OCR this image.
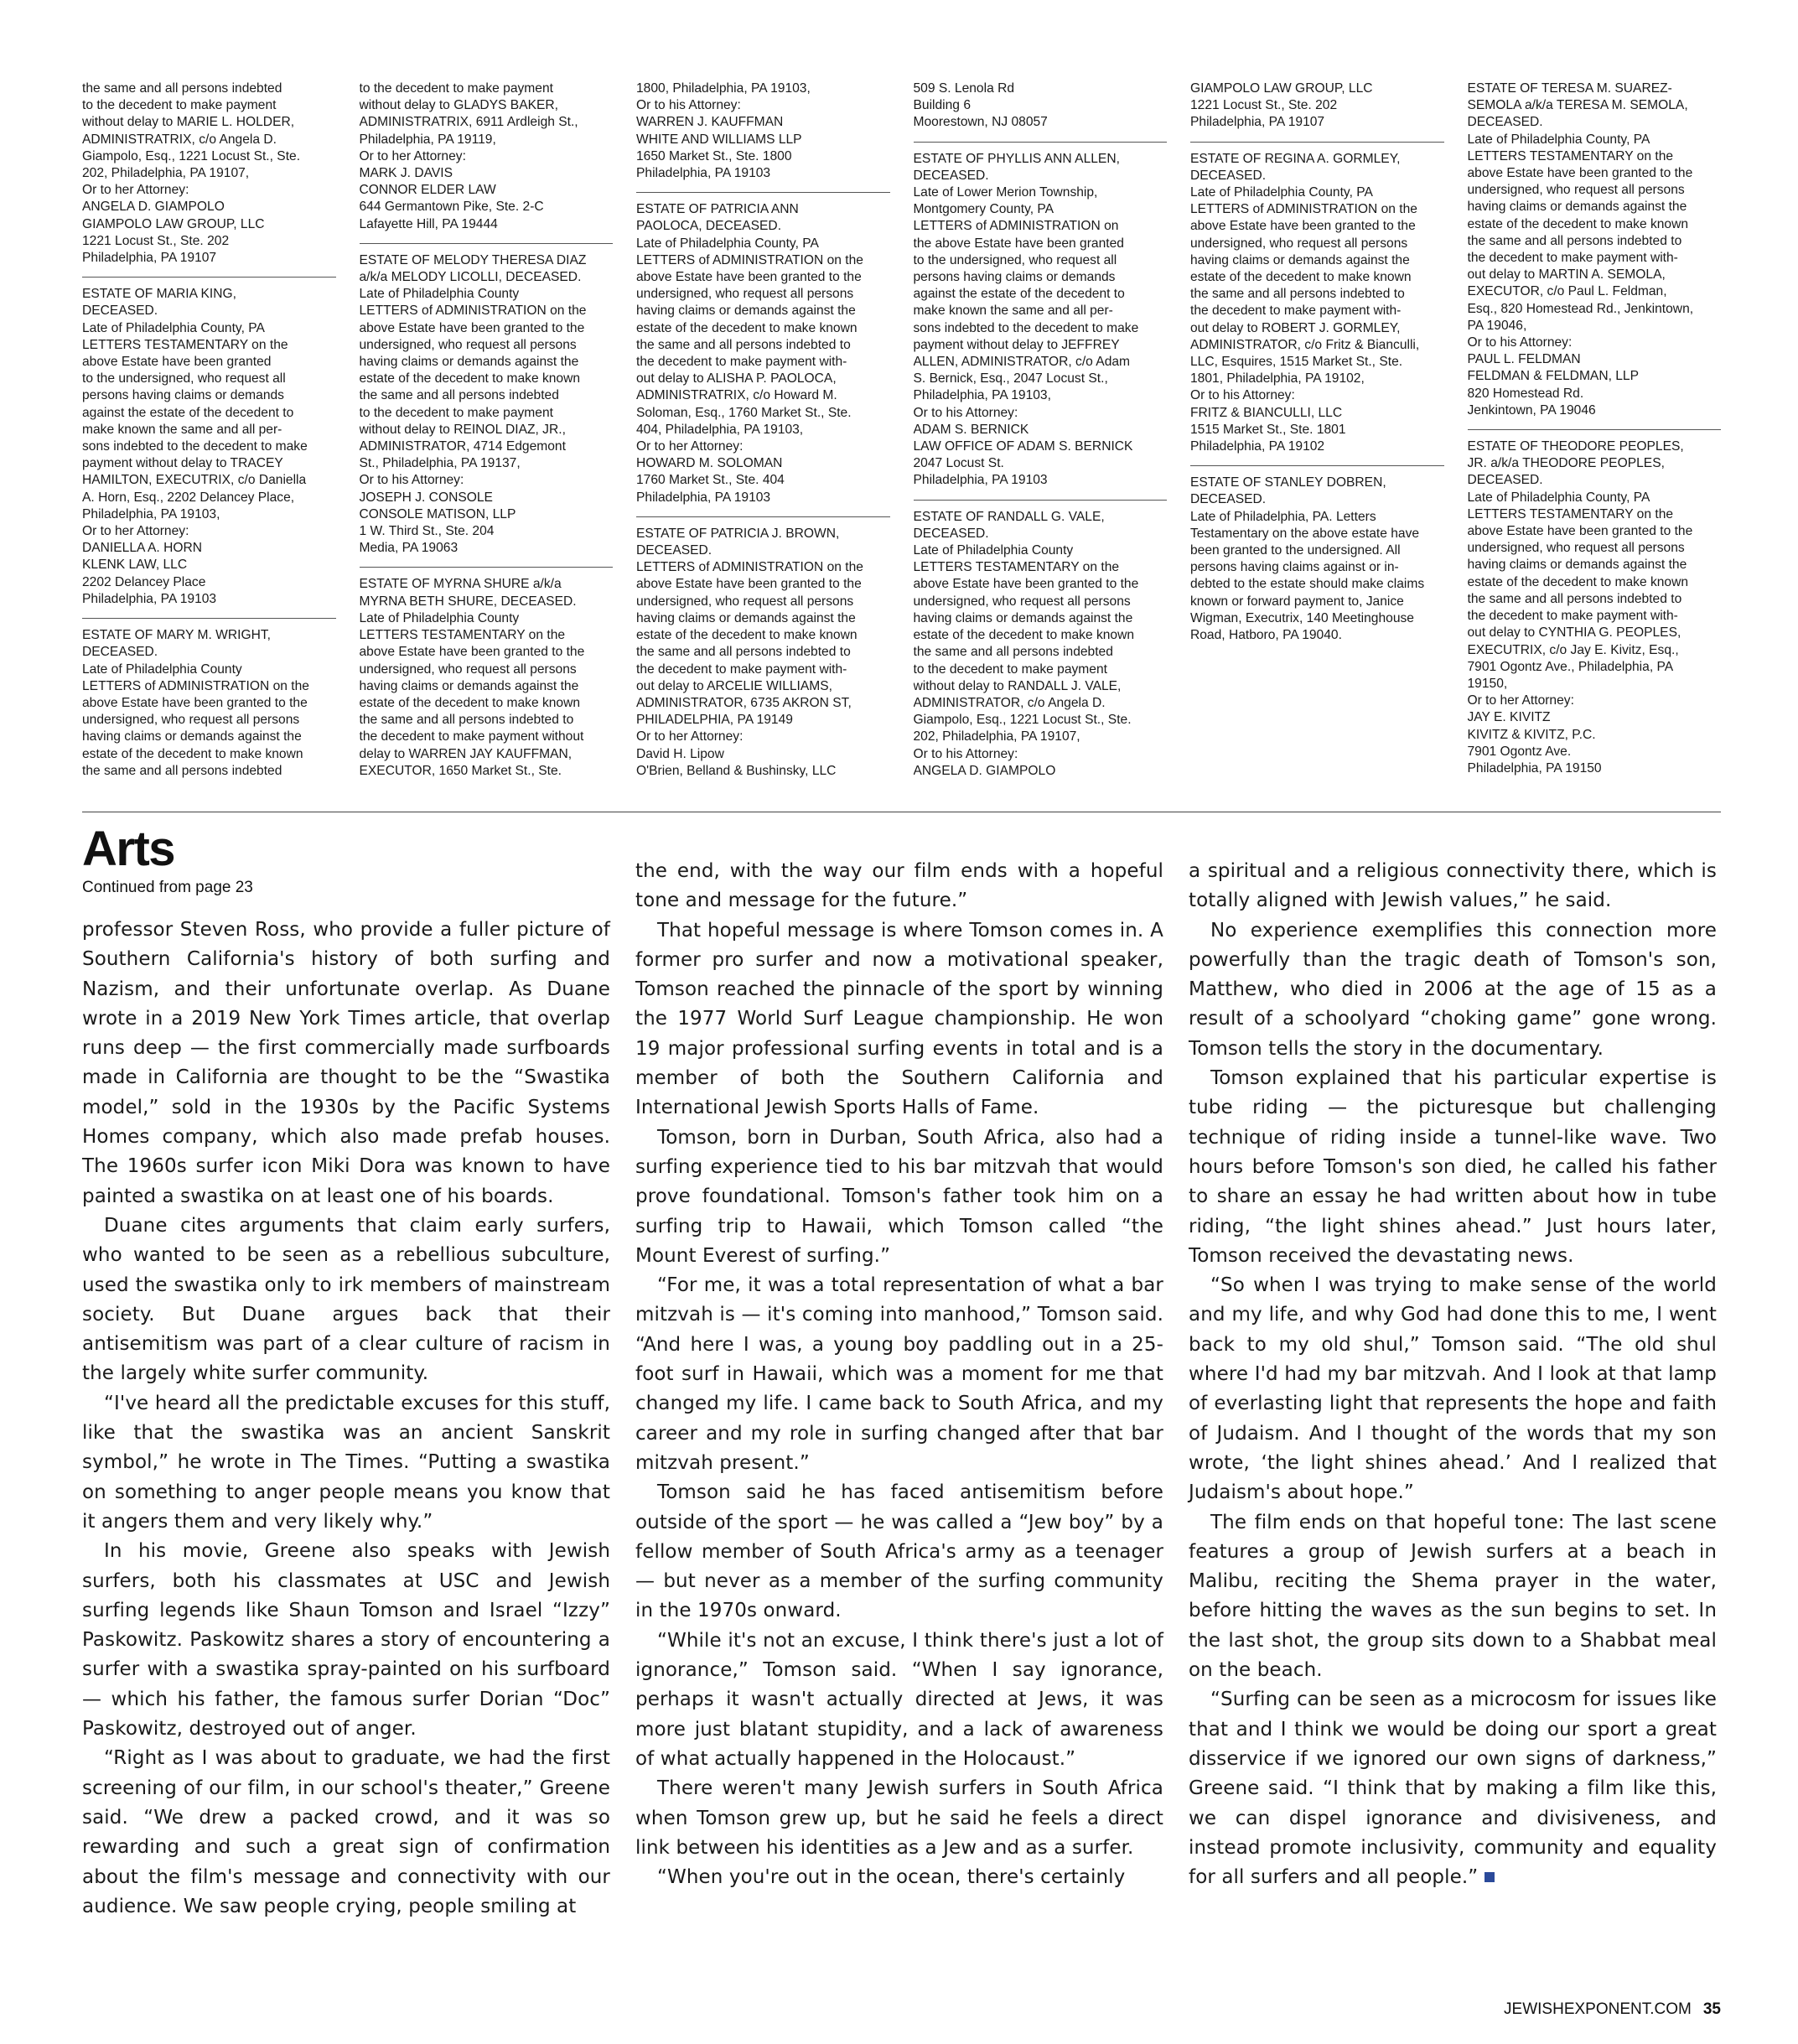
the same and all persons indebted
to the decedent to make payment
without delay to MARIE L. HOLDER,
ADMINISTRATRIX, c/o Angela D.
Giampolo, Esq., 1221 Locust St., Ste.
202, Philadelphia, PA 19107,
Or to her Attorney:
ANGELA D. GIAMPOLO
GIAMPOLO LAW GROUP, LLC
1221 Locust St., Ste. 202
Philadelphia, PA 19107
ESTATE OF MARIA KING,
DECEASED.
Late of Philadelphia County, PA
LETTERS TESTAMENTARY on the
above Estate have been granted
to the undersigned, who request all
persons having claims or demands
against the estate of the decedent to
make known the same and all per-
sons indebted to the decedent to make
payment without delay to TRACEY
HAMILTON, EXECUTRIX, c/o Daniella
A. Horn, Esq., 2202 Delancey Place,
Philadelphia, PA 19103,
Or to her Attorney:
DANIELLA A. HORN
KLENK LAW, LLC
2202 Delancey Place
Philadelphia, PA 19103
ESTATE OF MARY M. WRIGHT,
DECEASED.
Late of Philadelphia County
LETTERS of ADMINISTRATION on the
above Estate have been granted to the
undersigned, who request all persons
having claims or demands against the
estate of the decedent to make known
the same and all persons indebted
to the decedent to make payment
without delay to GLADYS BAKER,
ADMINISTRATRIX, 6911 Ardleigh St.,
Philadelphia, PA 19119,
Or to her Attorney:
MARK J. DAVIS
CONNOR ELDER LAW
644 Germantown Pike, Ste. 2-C
Lafayette Hill, PA 19444
ESTATE OF MELODY THERESA DIAZ
a/k/a MELODY LICOLLI, DECEASED.
Late of Philadelphia County
LETTERS of ADMINISTRATION on the
above Estate have been granted to the
undersigned, who request all persons
having claims or demands against the
estate of the decedent to make known
the same and all persons indebted
to the decedent to make payment
without delay to REINOL DIAZ, JR.,
ADMINISTRATOR, 4714 Edgemont
St., Philadelphia, PA 19137,
Or to his Attorney:
JOSEPH J. CONSOLE
CONSOLE MATISON, LLP
1 W. Third St., Ste. 204
Media, PA 19063
ESTATE OF MYRNA SHURE a/k/a
MYRNA BETH SHURE, DECEASED.
Late of Philadelphia County
LETTERS TESTAMENTARY on the
above Estate have been granted to the
undersigned, who request all persons
having claims or demands against the
estate of the decedent to make known
the same and all persons indebted to
the decedent to make payment without
delay to WARREN JAY KAUFFMAN,
EXECUTOR, 1650 Market St., Ste.
1800, Philadelphia, PA 19103,
Or to his Attorney:
WARREN J. KAUFFMAN
WHITE AND WILLIAMS LLP
1650 Market St., Ste. 1800
Philadelphia, PA 19103
ESTATE OF PATRICIA ANN
PAOLOCA, DECEASED.
Late of Philadelphia County, PA
LETTERS of ADMINISTRATION on the
above Estate have been granted to the
undersigned, who request all persons
having claims or demands against the
estate of the decedent to make known
the same and all persons indebted to
the decedent to make payment with-
out delay to ALISHA P. PAOLOCA,
ADMINISTRATRIX, c/o Howard M.
Soloman, Esq., 1760 Market St., Ste.
404, Philadelphia, PA 19103,
Or to her Attorney:
HOWARD M. SOLOMAN
1760 Market St., Ste. 404
Philadelphia, PA 19103
ESTATE OF PATRICIA J. BROWN,
DECEASED.
LETTERS of ADMINISTRATION on the
above Estate have been granted to the
undersigned, who request all persons
having claims or demands against the
estate of the decedent to make known
the same and all persons indebted to
the decedent to make payment with-
out delay to ARCELIE WILLIAMS,
ADMINISTRATOR, 6735 AKRON ST,
PHILADELPHIA, PA 19149
Or to her Attorney:
David H. Lipow
O'Brien, Belland & Bushinsky, LLC
509 S. Lenola Rd
Building 6
Moorestown, NJ 08057
ESTATE OF PHYLLIS ANN ALLEN,
DECEASED.
Late of Lower Merion Township,
Montgomery County, PA
LETTERS of ADMINISTRATION on
the above Estate have been granted
to the undersigned, who request all
persons having claims or demands
against the estate of the decedent to
make known the same and all per-
sons indebted to the decedent to make
payment without delay to JEFFREY
ALLEN, ADMINISTRATOR, c/o Adam
S. Bernick, Esq., 2047 Locust St.,
Philadelphia, PA 19103,
Or to his Attorney:
ADAM S. BERNICK
LAW OFFICE OF ADAM S. BERNICK
2047 Locust St.
Philadelphia, PA 19103
ESTATE OF RANDALL G. VALE,
DECEASED.
Late of Philadelphia County
LETTERS TESTAMENTARY on the
above Estate have been granted to the
undersigned, who request all persons
having claims or demands against the
estate of the decedent to make known
the same and all persons indebted
to the decedent to make payment
without delay to RANDALL J. VALE,
ADMINISTRATOR, c/o Angela D.
Giampolo, Esq., 1221 Locust St., Ste.
202, Philadelphia, PA 19107,
Or to his Attorney:
ANGELA D. GIAMPOLO
GIAMPOLO LAW GROUP, LLC
1221 Locust St., Ste. 202
Philadelphia, PA 19107
ESTATE OF REGINA A. GORMLEY,
DECEASED.
Late of Philadelphia County, PA
LETTERS of ADMINISTRATION on the
above Estate have been granted to the
undersigned, who request all persons
having claims or demands against the
estate of the decedent to make known
the same and all persons indebted to
the decedent to make payment with-
out delay to ROBERT J. GORMLEY,
ADMINISTRATOR, c/o Fritz & Bianculli,
LLC, Esquires, 1515 Market St., Ste.
1801, Philadelphia, PA 19102,
Or to his Attorney:
FRITZ & BIANCULLI, LLC
1515 Market St., Ste. 1801
Philadelphia, PA 19102
ESTATE OF STANLEY DOBREN,
DECEASED.
Late of Philadelphia, PA. Letters
Testamentary on the above estate have
been granted to the undersigned. All
persons having claims against or in-
debted to the estate should make claims
known or forward payment to, Janice
Wigman, Executrix, 140 Meetinghouse
Road, Hatboro, PA 19040.
ESTATE OF TERESA M. SUAREZ-
SEMOLA a/k/a TERESA M. SEMOLA,
DECEASED.
Late of Philadelphia County, PA
LETTERS TESTAMENTARY on the
above Estate have been granted to the
undersigned, who request all persons
having claims or demands against the
estate of the decedent to make known
the same and all persons indebted to
the decedent to make payment with-
out delay to MARTIN A. SEMOLA,
EXECUTOR, c/o Paul L. Feldman,
Esq., 820 Homestead Rd., Jenkintown,
PA 19046,
Or to his Attorney:
PAUL L. FELDMAN
FELDMAN & FELDMAN, LLP
820 Homestead Rd.
Jenkintown, PA 19046
ESTATE OF THEODORE PEOPLES,
JR. a/k/a THEODORE PEOPLES,
DECEASED.
Late of Philadelphia County, PA
LETTERS TESTAMENTARY on the
above Estate have been granted to the
undersigned, who request all persons
having claims or demands against the
estate of the decedent to make known
the same and all persons indebted to
the decedent to make payment with-
out delay to CYNTHIA G. PEOPLES,
EXECUTRIX, c/o Jay E. Kivitz, Esq.,
7901 Ogontz Ave., Philadelphia, PA
19150,
Or to her Attorney:
JAY E. KIVITZ
KIVITZ & KIVITZ, P.C.
7901 Ogontz Ave.
Philadelphia, PA 19150
Arts
Continued from page 23

professor Steven Ross, who provide a fuller picture of Southern California's history of both surfing and Nazism, and their unfortunate overlap. As Duane wrote in a 2019 New York Times article, that overlap runs deep — the first commercially made surfboards made in California are thought to be the “Swastika model,” sold in the 1930s by the Pacific Systems Homes company, which also made prefab houses. The 1960s surfer icon Miki Dora was known to have painted a swastika on at least one of his boards.

Duane cites arguments that claim early surfers, who wanted to be seen as a rebellious subculture, used the swastika only to irk members of mainstream society. But Duane argues back that their antisemitism was part of a clear culture of racism in the largely white surfer community.

“I've heard all the predictable excuses for this stuff, like that the swastika was an ancient Sanskrit symbol,” he wrote in The Times. “Putting a swastika on something to anger people means you know that it angers them and very likely why.”

In his movie, Greene also speaks with Jewish surfers, both his classmates at USC and Jewish surfing legends like Shaun Tomson and Israel “Izzy” Paskowitz. Paskowitz shares a story of encountering a surfer with a swastika spray-painted on his surfboard — which his father, the famous surfer Dorian “Doc” Paskowitz, destroyed out of anger.

“Right as I was about to graduate, we had the first screening of our film, in our school's theater,” Greene said. “We drew a packed crowd, and it was so rewarding and such a great sign of confirmation about the film's message and connectivity with our audience. We saw people crying, people smiling at

the end, with the way our film ends with a hopeful tone and message for the future.”

That hopeful message is where Tomson comes in. A former pro surfer and now a motivational speaker, Tomson reached the pinnacle of the sport by winning the 1977 World Surf League championship. He won 19 major professional surfing events in total and is a member of both the Southern California and International Jewish Sports Halls of Fame.

Tomson, born in Durban, South Africa, also had a surfing experience tied to his bar mitzvah that would prove foundational. Tomson's father took him on a surfing trip to Hawaii, which Tomson called “the Mount Everest of surfing.”

“For me, it was a total representation of what a bar mitzvah is — it's coming into manhood,” Tomson said. “And here I was, a young boy paddling out in a 25-foot surf in Hawaii, which was a moment for me that changed my life. I came back to South Africa, and my career and my role in surfing changed after that bar mitzvah present.”

Tomson said he has faced antisemitism before outside of the sport — he was called a “Jew boy” by a fellow member of South Africa's army as a teenager — but never as a member of the surfing community in the 1970s onward.

“While it's not an excuse, I think there's just a lot of ignorance,” Tomson said. “When I say ignorance, perhaps it wasn't actually directed at Jews, it was more just blatant stupidity, and a lack of awareness of what actually happened in the Holocaust.”

There weren't many Jewish surfers in South Africa when Tomson grew up, but he said he feels a direct link between his identities as a Jew and as a surfer.

“When you're out in the ocean, there's certainly

a spiritual and a religious connectivity there, which is totally aligned with Jewish values,” he said.

No experience exemplifies this connection more powerfully than the tragic death of Tomson's son, Matthew, who died in 2006 at the age of 15 as a result of a schoolyard “choking game” gone wrong. Tomson tells the story in the documentary.

Tomson explained that his particular expertise is tube riding — the picturesque but challenging technique of riding inside a tunnel-like wave. Two hours before Tomson's son died, he called his father to share an essay he had written about how in tube riding, “the light shines ahead.” Just hours later, Tomson received the devastating news.

“So when I was trying to make sense of the world and my life, and why God had done this to me, I went back to my old shul,” Tomson said. “The old shul where I'd had my bar mitzvah. And I look at that lamp of everlasting light that represents the hope and faith of Judaism. And I thought of the words that my son wrote, ‘the light shines ahead.’ And I realized that Judaism's about hope.”

The film ends on that hopeful tone: The last scene features a group of Jewish surfers at a beach in Malibu, reciting the Shema prayer in the water, before hitting the waves as the sun begins to set. In the last shot, the group sits down to a Shabbat meal on the beach.

“Surfing can be seen as a microcosm for issues like that and I think we would be doing our sport a great disservice if we ignored our own signs of darkness,” Greene said. “I think that by making a film like this, we can dispel ignorance and divisiveness, and instead promote inclusivity, community and equality for all surfers and all people.”

JEWISHEXPONENT.COM 35
